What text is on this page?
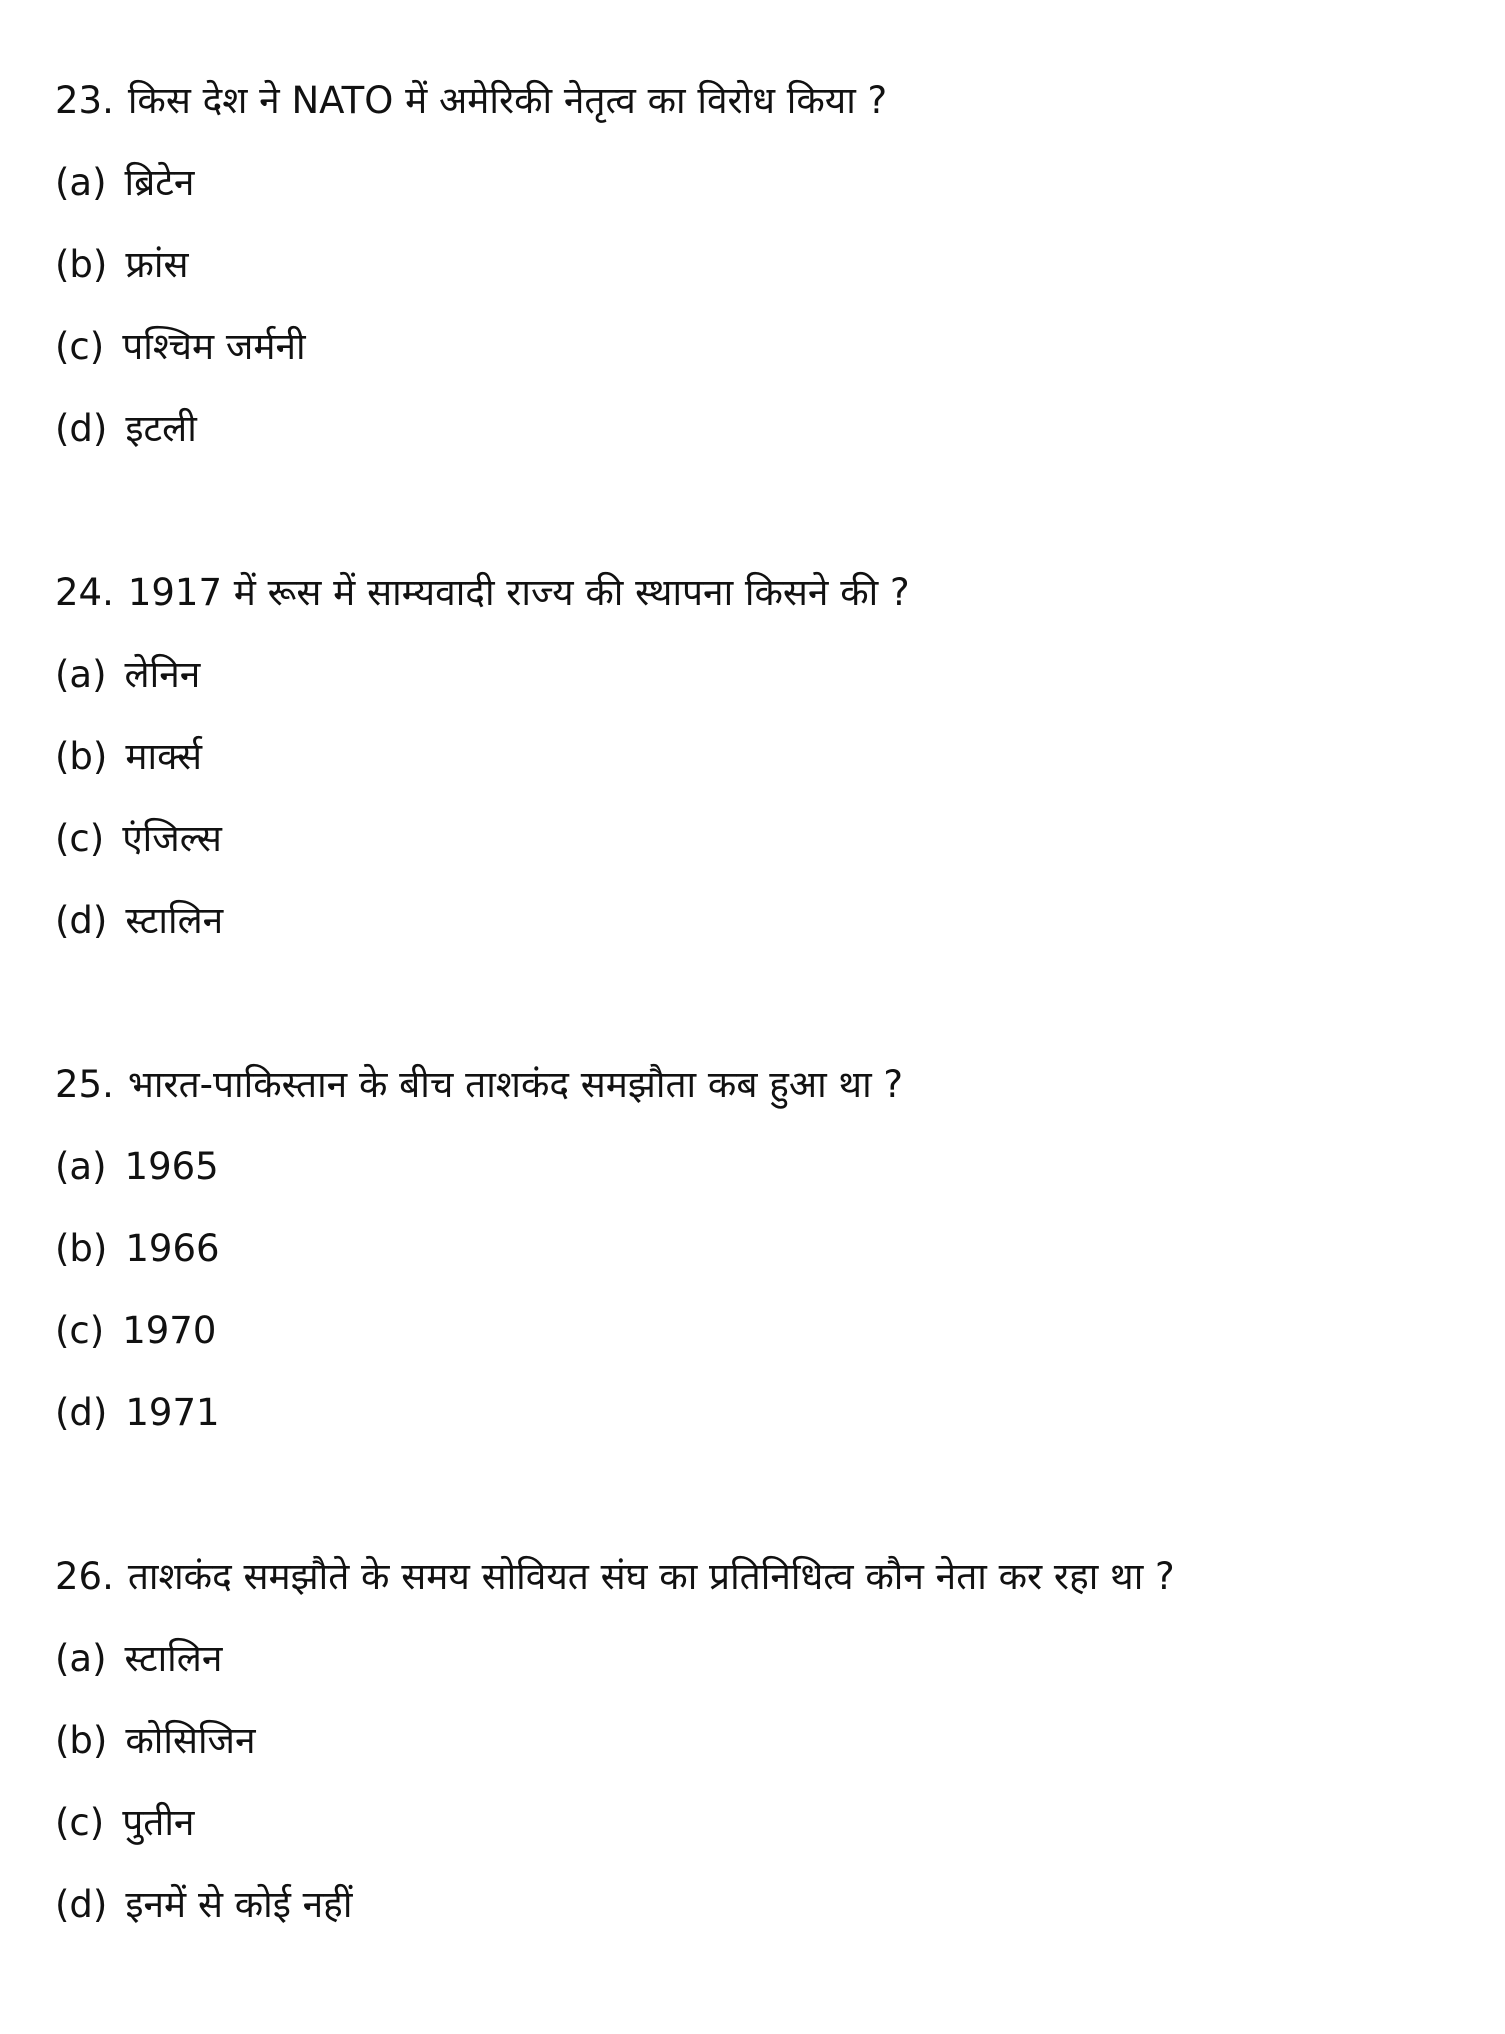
23. किस देश ने NATO में अमेरिकी नेतृत्व का विरोध किया ?
(a) ब्रिटेन
(b) फ्रांस
(c) पश्चिम जर्मनी
(d) इटली
24. 1917 में रूस में साम्यवादी राज्य की स्थापना किसने की ?
(a) लेनिन
(b) मार्क्स
(c) एंजिल्स
(d) स्टालिन
25. भारत-पाकिस्तान के बीच ताशकंद समझौता कब हुआ था ?
(a) 1965
(b) 1966
(c) 1970
(d) 1971
26. ताशकंद समझौते के समय सोवियत संघ का प्रतिनिधित्व कौन नेता कर रहा था ?
(a) स्टालिन
(b) कोसिजिन
(c) पुतीन
(d) इनमें से कोई नहीं
